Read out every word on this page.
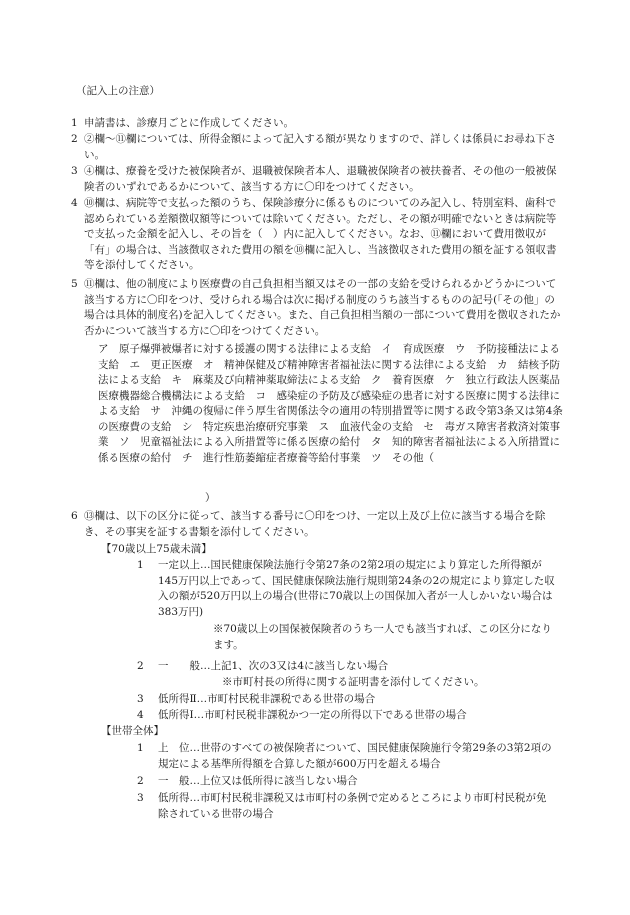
（記入上の注意）
1 申請書は、診療月ごとに作成してください。
2 ②欄～⑪欄については、所得金額によって記入する額が異なりますので、詳しくは係員にお尋ね下さい。
3 ④欄は、療養を受けた被保険者が、退職被保険者本人、退職被保険者の被扶養者、その他の一般被保険者のいずれであるかについて、該当する方に〇印をつけてください。
4 ⑩欄は、病院等で支払った額のうち、保険診療分に係るものについてのみ記入し、特別室料、歯科で認められている差額徴収額等については除いてください。ただし、その額が明確でないときは病院等で支払った金額を記入し、その旨を（　）内に記入してください。なお、⑪欄において費用徴収が「有」の場合は、当該徴収された費用の額を⑩欄に記入し、当該徴収された費用の額を証する領収書等を添付してください。
5 ⑪欄は、他の制度により医療費の自己負担相当額又はその一部の支給を受けられるかどうかについて該当する方に〇印をつけ、受けられる場合は次に掲げる制度のうち該当するものの記号(「その他」の場合は具体的制度名)を記入してください。また、自己負担相当額の一部について費用を徴収されたか否かについて該当する方に〇印をつけてください。
ア　原子爆弾被爆者に対する援護の関する法律による支給　イ　育成医療　ウ　予防接種法による支給　エ　更正医療　オ　精神保健及び精神障害者福祉法に関する法律による支給　カ　結核予防法による支給　キ　麻薬及び向精神薬取締法による支給　ク　養育医療　ケ　独立行政法人医薬品医療機器総合機構法による支給　コ　感染症の予防及び感染症の患者に対する医療に関する法律による支給　サ　沖縄の復帰に伴う厚生省関係法令の適用の特別措置等に関する政令第3条又は第4条の医療費の支給　シ　特定疾患治療研究事業　ス　血液代金の支給　セ　毒ガス障害者救済対策事業　ソ　児童福祉法による入所措置等に係る医療の給付　タ　知的障害者福祉法による入所措置に係る医療の給付　チ　進行性筋萎縮症者療養等給付事業　ツ　その他（
）
6 ⑬欄は、以下の区分に従って、該当する番号に〇印をつけ、一定以上及び上位に該当する場合を除き、その事実を証する書類を添付してください。
【70歳以上75歳未満】
1 一定以上…国民健康保険法施行令第27条の2第2項の規定により算定した所得額が145万円以上であって、国民健康保険法施行規則第24条の2の規定により算定した収入の額が520万円以上の場合(世帯に70歳以上の国保加入者が一人しかいない場合は383万円)
※70歳以上の国保被保険者のうち一人でも該当すれば、この区分になります。
2 一　　般…上記1、次の3又は4に該当しない場合
※市町村長の所得に関する証明書を添付してください。
3 低所得Ⅱ…市町村民税非課税である世帯の場合
4 低所得Ⅰ…市町村民税非課税かつ一定の所得以下である世帯の場合
【世帯全体】
1 上　位…世帯のすべての被保険者について、国民健康保険施行令第29条の3第2項の規定による基準所得額を合算した額が600万円を超える場合
2 一　般…上位又は低所得に該当しない場合
3 低所得…市町村民税非課税又は市町村の条例で定めるところにより市町村民税が免除されている世帯の場合
